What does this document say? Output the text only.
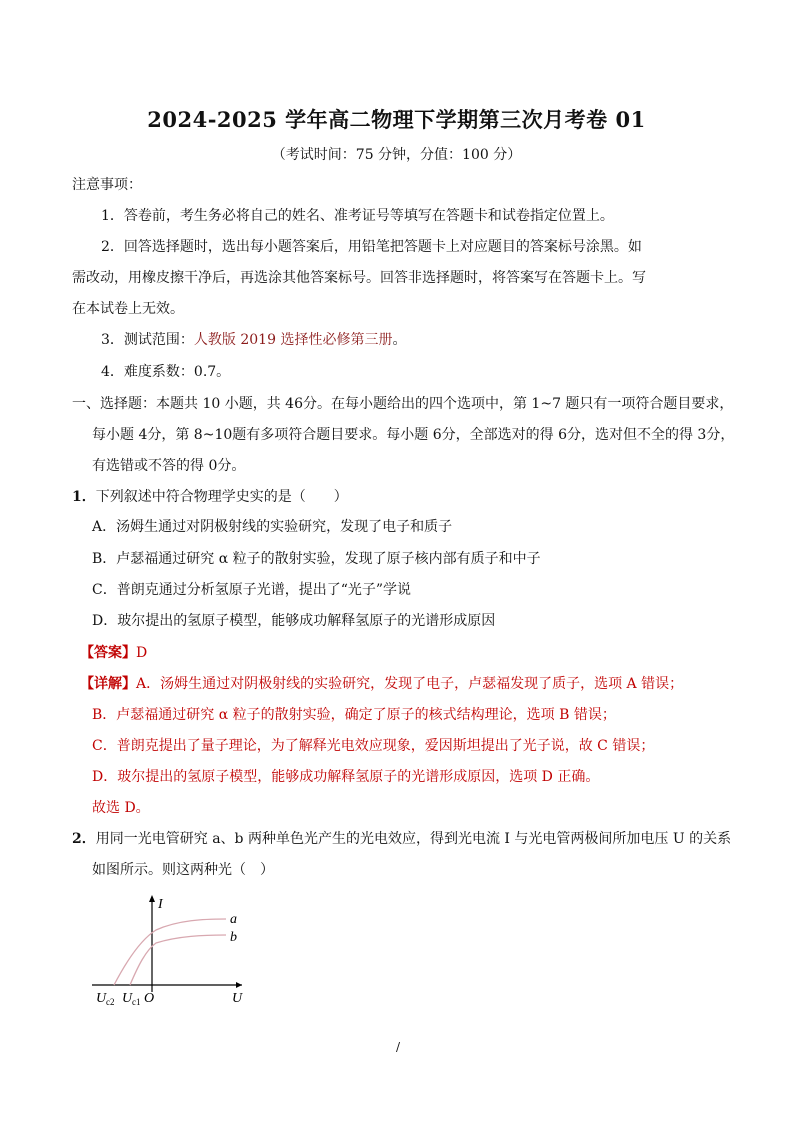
2024-2025 学年高二物理下学期第三次月考卷 01
（考试时间：75 分钟，分值：100 分）
注意事项：
1．答卷前，考生务必将自己的姓名、准考证号等填写在答题卡和试卷指定位置上。
2．回答选择题时，选出每小题答案后，用铅笔把答题卡上对应题目的答案标号涂黑。如
需改动，用橡皮擦干净后，再选涂其他答案标号。回答非选择题时，将答案写在答题卡上。写
在本试卷上无效。
3．测试范围：人教版 2019 选择性必修第三册。
4．难度系数：0.7。
一、选择题：本题共 10 小题，共 46分。在每小题给出的四个选项中，第 1~7 题只有一项符合题目要求，
每小题 4分，第 8~10题有多项符合题目要求。每小题 6分，全部选对的得 6分，选对但不全的得 3分，
有选错或不答的得 0分。
1．下列叙述中符合物理学史实的是（　　）
A．汤姆生通过对阴极射线的实验研究，发现了电子和质子
B．卢瑟福通过研究 α 粒子的散射实验，发现了原子核内部有质子和中子
C．普朗克通过分析氢原子光谱，提出了“光子”学说
D．玻尔提出的氢原子模型，能够成功解释氢原子的光谱形成原因
【答案】D
【详解】A．汤姆生通过对阴极射线的实验研究，发现了电子，卢瑟福发现了质子，选项 A 错误；
B．卢瑟福通过研究 α 粒子的散射实验，确定了原子的核式结构理论，选项 B 错误；
C．普朗克提出了量子理论，为了解释光电效应现象，爱因斯坦提出了光子说，故 C 错误；
D．玻尔提出的氢原子模型，能够成功解释氢原子的光谱形成原因，选项 D 正确。
故选 D。
2．用同一光电管研究 a、b 两种单色光产生的光电效应，得到光电流 I 与光电管两极间所加电压 U 的关系
如图所示。则这两种光（　）
I
a
b
O	U
U c2 U c1
/
